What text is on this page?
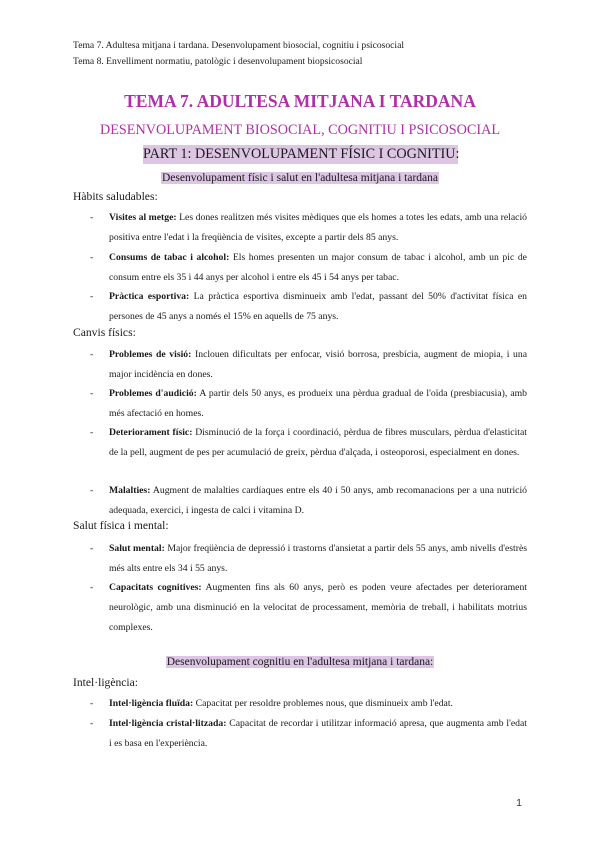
Tema 7. Adultesa mitjana i tardana. Desenvolupament biosocial, cognitiu i psicosocial
Tema 8. Envelliment normatiu, patològic i desenvolupament biopsicosocial
TEMA 7. ADULTESA MITJANA I TARDANA
DESENVOLUPAMENT BIOSOCIAL, COGNITIU I PSICOSOCIAL
PART 1: DESENVOLUPAMENT FÍSIC I COGNITIU:
Desenvolupament físic i salut en l'adultesa mitjana i tardana
Hàbits saludables:
- Visites al metge: Les dones realitzen més visites mèdiques que els homes a totes les edats, amb una relació positiva entre l'edat i la freqüència de visites, excepte a partir dels 85 anys.
- Consums de tabac i alcohol: Els homes presenten un major consum de tabac i alcohol, amb un pic de consum entre els 35 i 44 anys per alcohol i entre els 45 i 54 anys per tabac.
- Pràctica esportiva: La pràctica esportiva disminueix amb l'edat, passant del 50% d'activitat física en persones de 45 anys a només el 15% en aquells de 75 anys.
Canvis físics:
- Problemes de visió: Inclouen dificultats per enfocar, visió borrosa, presbícia, augment de miopia, i una major incidència en dones.
- Problemes d'audició: A partir dels 50 anys, es produeix una pèrdua gradual de l'oïda (presbiacusia), amb més afectació en homes.
- Deteriorament físic: Disminució de la força i coordinació, pèrdua de fibres musculars, pèrdua d'elasticitat de la pell, augment de pes per acumulació de greix, pèrdua d'alçada, i osteoporosi, especialment en dones.
- Malalties: Augment de malalties cardíaques entre els 40 i 50 anys, amb recomanacions per a una nutrició adequada, exercici, i ingesta de calci i vitamina D.
Salut física i mental:
- Salut mental: Major freqüència de depressió i trastorns d'ansietat a partir dels 55 anys, amb nivells d'estrès més alts entre els 34 i 55 anys.
- Capacitats cognitives: Augmenten fins als 60 anys, però es poden veure afectades per deteriorament neurològic, amb una disminució en la velocitat de processament, memòria de treball, i habilitats motrius complexes.
Desenvolupament cognitiu en l'adultesa mitjana i tardana:
Intel·ligència:
- Intel·ligència fluïda: Capacitat per resoldre problemes nous, que disminueix amb l'edat.
- Intel·ligència cristal·litzada: Capacitat de recordar i utilitzar informació apresa, que augmenta amb l'edat i es basa en l'experiència.
1
